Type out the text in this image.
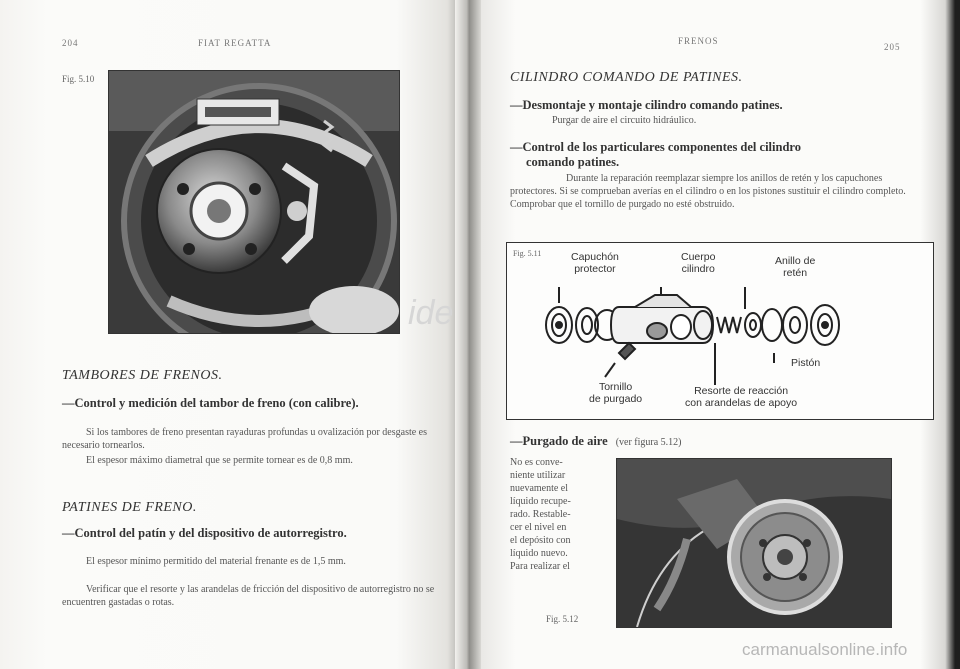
204	FIAT REGATTA
Fig. 5.10
TAMBORES DE FRENOS.
—Control y medición del tambor de freno (con calibre).
Si los tambores de freno presentan rayaduras profundas u ovalización por desgaste es necesario tornearlos.
El espesor máximo diametral que se permite tornear es de 0,8 mm.
PATINES DE FRENO.
—Control del patín y del dispositivo de autorregistro.
El espesor mínimo permitido del material frenante es de 1,5 mm.
Verificar que el resorte y las arandelas de fricción del dispositivo de autorregistro no se encuentren gastadas o rotas.
FRENOS
205
CILINDRO COMANDO DE PATINES.
—Desmontaje y montaje cilindro comando patines.
Purgar de aire el circuito hidráulico.
—Control de los particulares componentes del cilindro
comando patines.
Durante la reparación reemplazar siempre los anillos de retén y los capuchones protectores. Si se comprueban averías en el cilindro o en los pistones sustituir el cilindro completo. Comprobar que el tornillo de purgado no esté obstruido.
Fig. 5.11	Capuchón
protector
Cuerpo
cilindro
Anillo de
retén
Pistón
Tornillo
de purgado
Resorte de reacción
con arandelas de apoyo
—Purgado de aire (ver figura 5.12)

No es conve-

niente utilizar

nuevamente el

líquido recupe-

rado. Restable-

cer el nivel en

el depósito con

líquido nuevo.

Para realizar el

Fig. 5.12
ide
carmanualsonline.info
